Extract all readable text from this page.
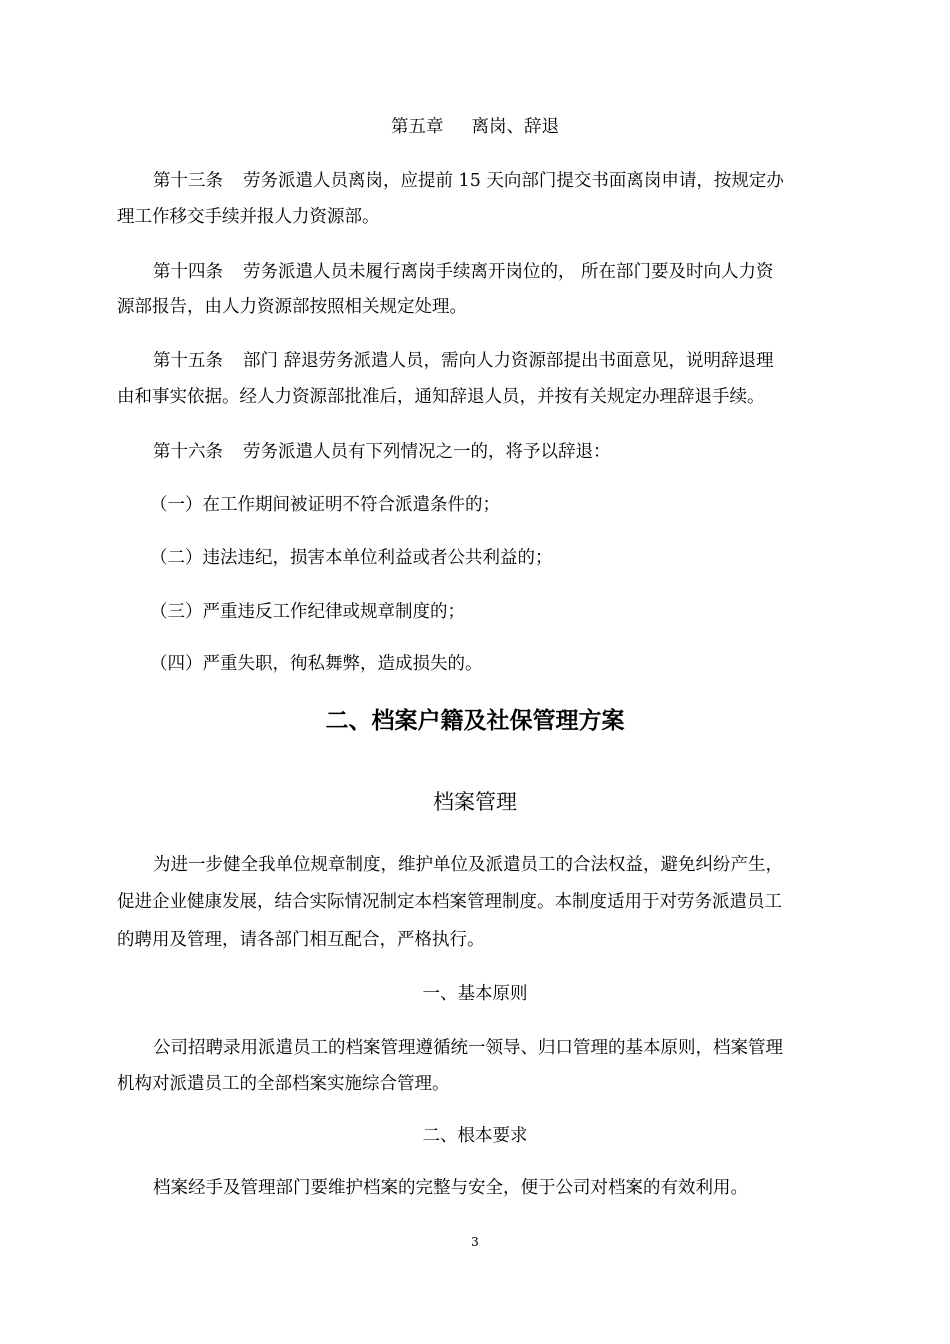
第五章 离岗、辞退
第十三条 劳务派遣人员离岗，应提前 15 天向部门提交书面离岗申请，按规定办
理工作移交手续并报人力资源部。
第十四条 劳务派遣人员未履行离岗手续离开岗位的， 所在部门要及时向人力资
源部报告，由人力资源部按照相关规定处理。
第十五条 部门 辞退劳务派遣人员，需向人力资源部提出书面意见，说明辞退理
由和事实依据。经人力资源部批准后，通知辞退人员，并按有关规定办理辞退手续。
第十六条 劳务派遣人员有下列情况之一的，将予以辞退：
（一）在工作期间被证明不符合派遣条件的；
（二）违法违纪，损害本单位利益或者公共利益的；
（三）严重违反工作纪律或规章制度的；
（四）严重失职，徇私舞弊，造成损失的。
二、档案户籍及社保管理方案
档案管理
为进一步健全我单位规章制度，维护单位及派遣员工的合法权益，避免纠纷产生，
促进企业健康发展，结合实际情况制定本档案管理制度。本制度适用于对劳务派遣员工
的聘用及管理，请各部门相互配合，严格执行。
一、基本原则
公司招聘录用派遣员工的档案管理遵循统一领导、归口管理的基本原则，档案管理
机构对派遣员工的全部档案实施综合管理。
二、根本要求
档案经手及管理部门要维护档案的完整与安全，便于公司对档案的有效利用。
3
